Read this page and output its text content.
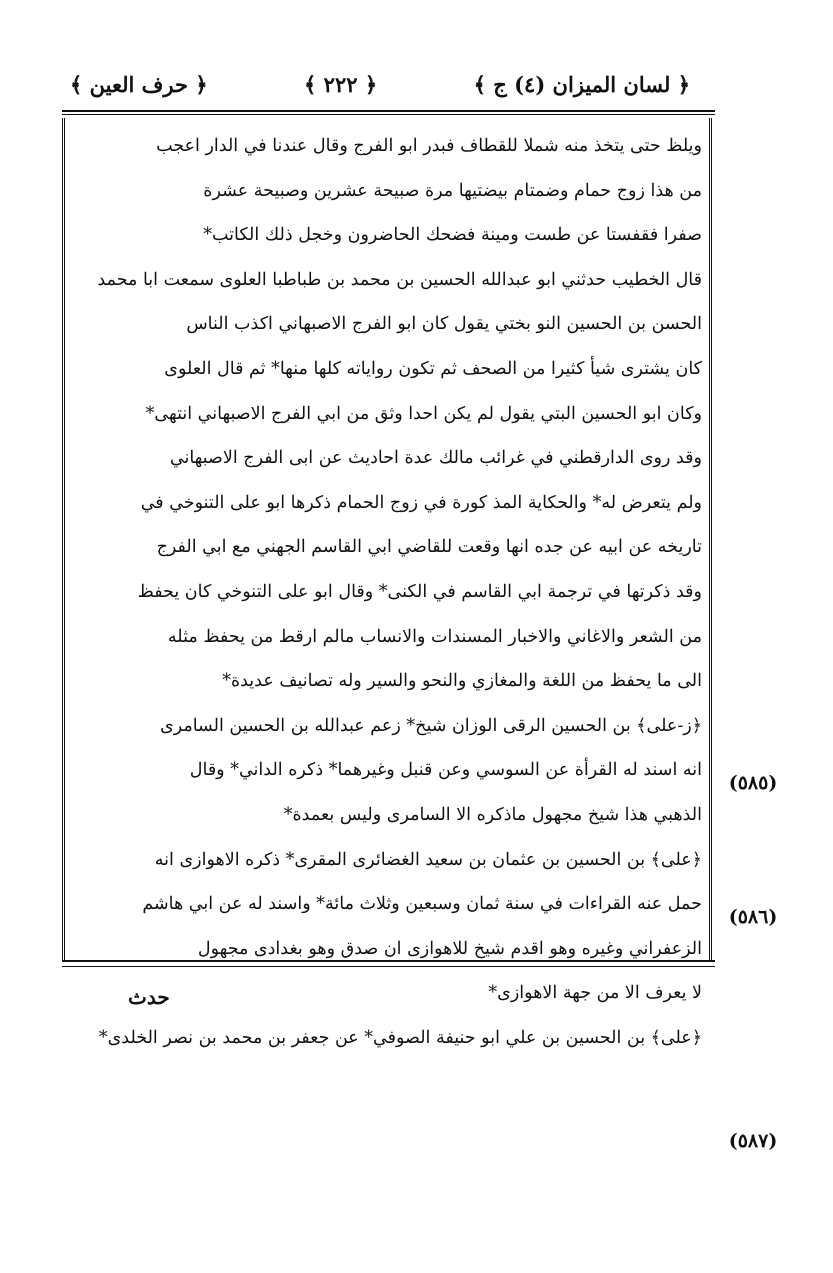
﴿ لسان الميزان (٤) ج ﴾
﴿ ٢٢٢ ﴾
﴿ حرف العين ﴾
ويلظ حتى يتخذ منه شملا للقطاف فبدر ابو الفرج وقال عندنا في الدار اعجب
من هذا زوج حمام وضمتام بيضتيها مرة صبيحة عشرين وصبيحة عشرة
صفرا فقفستا عن طست ومينة فضحك الحاضرون وخجل ذلك الكاتب*
قال الخطيب حدثني ابو عبدالله الحسين بن محمد بن طباطبا العلوى سمعت ابا محمد
الحسن بن الحسين النو بختي يقول كان ابو الفرج الاصبهاني اكذب الناس
كان يشترى شيأ كثيرا من الصحف ثم تكون رواياته كلها منها* ثم قال العلوى
وكان ابو الحسين البتي يقول لم يكن احدا وثق من ابي الفرج الاصبهاني انتهى*
وقد روى الدارقطني في غرائب مالك عدة احاديث عن ابى الفرج الاصبهاني
ولم يتعرض له* والحكاية المذ كورة في زوج الحمام ذكرها ابو على التنوخي في
تاريخه عن ابيه عن جده انها وقعت للقاضي ابي القاسم الجهني مع ابي الفرج
وقد ذكرتها في ترجمة ابي القاسم في الكنى* وقال ابو على التنوخي كان يحفظ
من الشعر والاغاني والاخبار المسندات والانساب مالم ارقط من يحفظ مثله
الى ما يحفظ من اللغة والمغازي والنحو والسير وله تصانيف عديدة*
﴿ز-على﴾ بن الحسين الرقى الوزان شيخ* زعم عبدالله بن الحسين السامرى
انه اسند له القرأة عن السوسي وعن قنبل وغيرهما* ذكره الداني* وقال
الذهبي هذا شيخ مجهول ماذكره الا السامرى وليس بعمدة*
﴿على﴾ بن الحسين بن عثمان بن سعيد الغضائرى المقرى* ذكره الاهوازى انه
حمل عنه القراءات في سنة ثمان وسبعين وثلاث مائة* واسند له عن ابي هاشم
الزعفراني وغيره وهو اقدم شيخ للاهوازى ان صدق وهو بغدادى مجهول
لا يعرف الا من جهة الاهوازى*
﴿على﴾ بن الحسين بن علي ابو حنيفة الصوفي* عن جعفر بن محمد بن نصر الخلدى*
(٥٨٥)
(٥٨٦)
(٥٨٧)
حدث
